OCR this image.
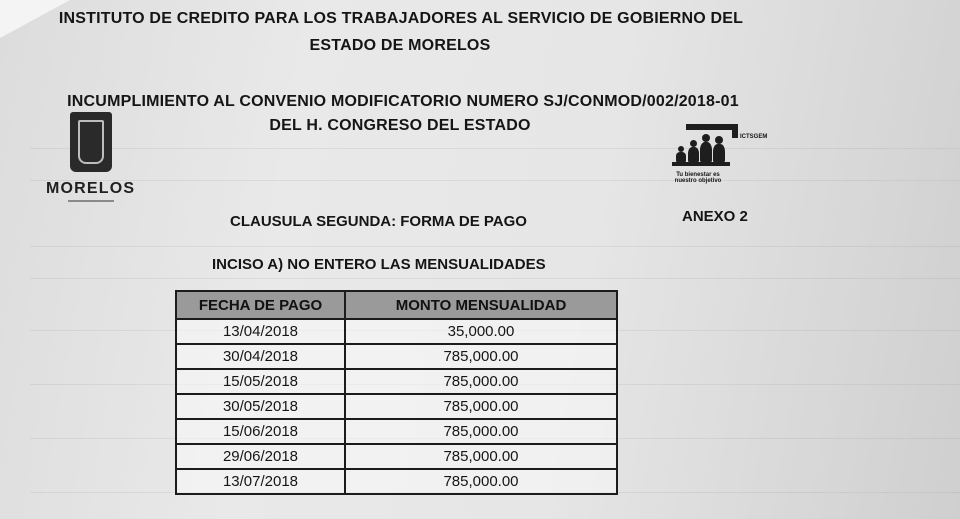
INSTITUTO DE CREDITO PARA LOS TRABAJADORES AL SERVICIO DE GOBIERNO DEL
ESTADO DE MORELOS
INCUMPLIMIENTO AL CONVENIO MODIFICATORIO NUMERO SJ/CONMOD/002/2018-01
DEL H. CONGRESO DEL ESTADO
MORELOS
Tu bienestar es nuestro objetivo
ICTSGEM
CLAUSULA SEGUNDA: FORMA DE PAGO	ANEXO 2
INCISO A) NO ENTERO LAS MENSUALIDADES
FECHA DE PAGO	MONTO MENSUALIDAD
13/04/2018	35,000.00
30/04/2018	785,000.00
15/05/2018	785,000.00
30/05/2018	785,000.00
15/06/2018	785,000.00
29/06/2018	785,000.00
13/07/2018	785,000.00
